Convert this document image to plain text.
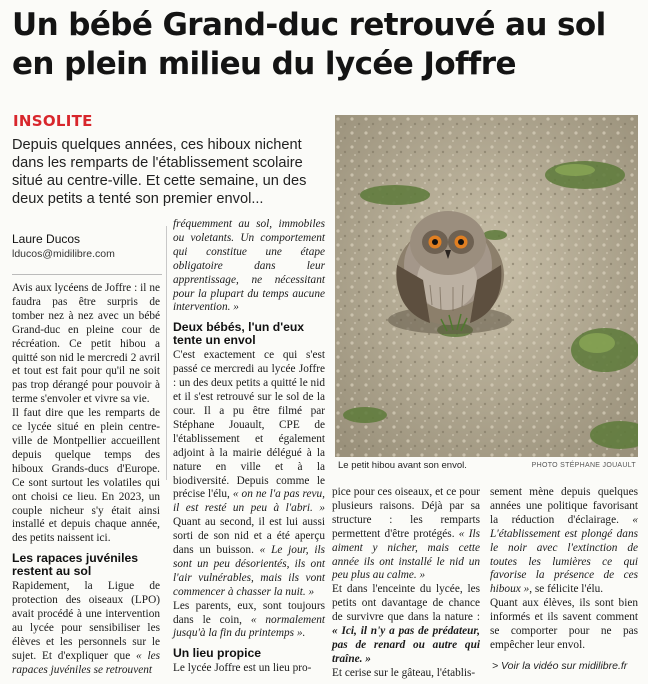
Un bébé Grand-duc retrouvé au sol
en plein milieu du lycée Joffre
INSOLITE
Depuis quelques années, ces hiboux nichent dans les remparts de l'établissement scolaire situé au centre-ville. Et cette semaine, un des deux petits a tenté son premier envol...
Laure Ducos
lducos@midilibre.com

Avis aux lycéens de Joffre : il ne faudra pas être surpris de tomber nez à nez avec un bébé Grand-duc en pleine cour de récréation. Ce petit hibou a quitté son nid le mercredi 2 avril et tout est fait pour qu'il ne soit pas trop dérangé pour pouvoir à terme s'envoler et vivre sa vie.

Il faut dire que les remparts de ce lycée situé en plein centre-ville de Montpellier accueillent depuis quelque temps des hiboux Grands-ducs d'Europe. Ce sont surtout les volatiles qui ont choisi ce lieu. En 2023, un couple nicheur s'y était ainsi installé et depuis chaque année, des petits naissent ici.

Les rapaces juvéniles restent au sol

Rapidement, la Ligue de protection des oiseaux (LPO) avait procédé à une intervention au lycée pour sensibiliser les élèves et les personnels sur le sujet. Et d'expliquer que « les rapaces juvéniles se retrouvent

fréquemment au sol, immobiles ou voletants. Un comportement qui constitue une étape obligatoire dans leur apprentissage, ne nécessitant pour la plupart du temps aucune intervention. »

Deux bébés, l'un d'eux tente un envol

C'est exactement ce qui s'est passé ce mercredi au lycée Joffre : un des deux petits a quitté le nid et il s'est retrouvé sur le sol de la cour. Il a pu être filmé par Stéphane Jouault, CPE de l'établissement et également adjoint à la mairie délégué à la nature en ville et à la biodiversité. Depuis comme le précise l'élu, « on ne l'a pas revu, il est resté un peu à l'abri. » Quant au second, il est lui aussi sorti de son nid et a été aperçu dans un buisson. « Le jour, ils sont un peu désorientés, ils ont l'air vulnérables, mais ils vont commencer à chasser la nuit. »

Les parents, eux, sont toujours dans le coin, « normalement jusqu'à la fin du printemps ».

Un lieu propice

Le lycée Joffre est un lieu pro-

Le petit hibou avant son envol.	PHOTO STÉPHANE JOUAULT

pice pour ces oiseaux, et ce pour plusieurs raisons. Déjà par sa structure : les remparts permettent d'être protégés. « Ils aiment y nicher, mais cette année ils ont installé le nid un peu plus au calme. »

Et dans l'enceinte du lycée, les petits ont davantage de chance de survivre que dans la nature : « Ici, il n'y a pas de prédateur, pas de renard ou autre qui traîne. »

Et cerise sur le gâteau, l'établis-

sement mène depuis quelques années une politique favorisant la réduction d'éclairage. « L'établissement est plongé dans le noir avec l'extinction de toutes les lumières ce qui favorise la présence de ces hiboux », se félicite l'élu.

Quant aux élèves, ils sont bien informés et ils savent comment se comporter pour ne pas empêcher leur envol.

> Voir la vidéo sur midilibre.fr
